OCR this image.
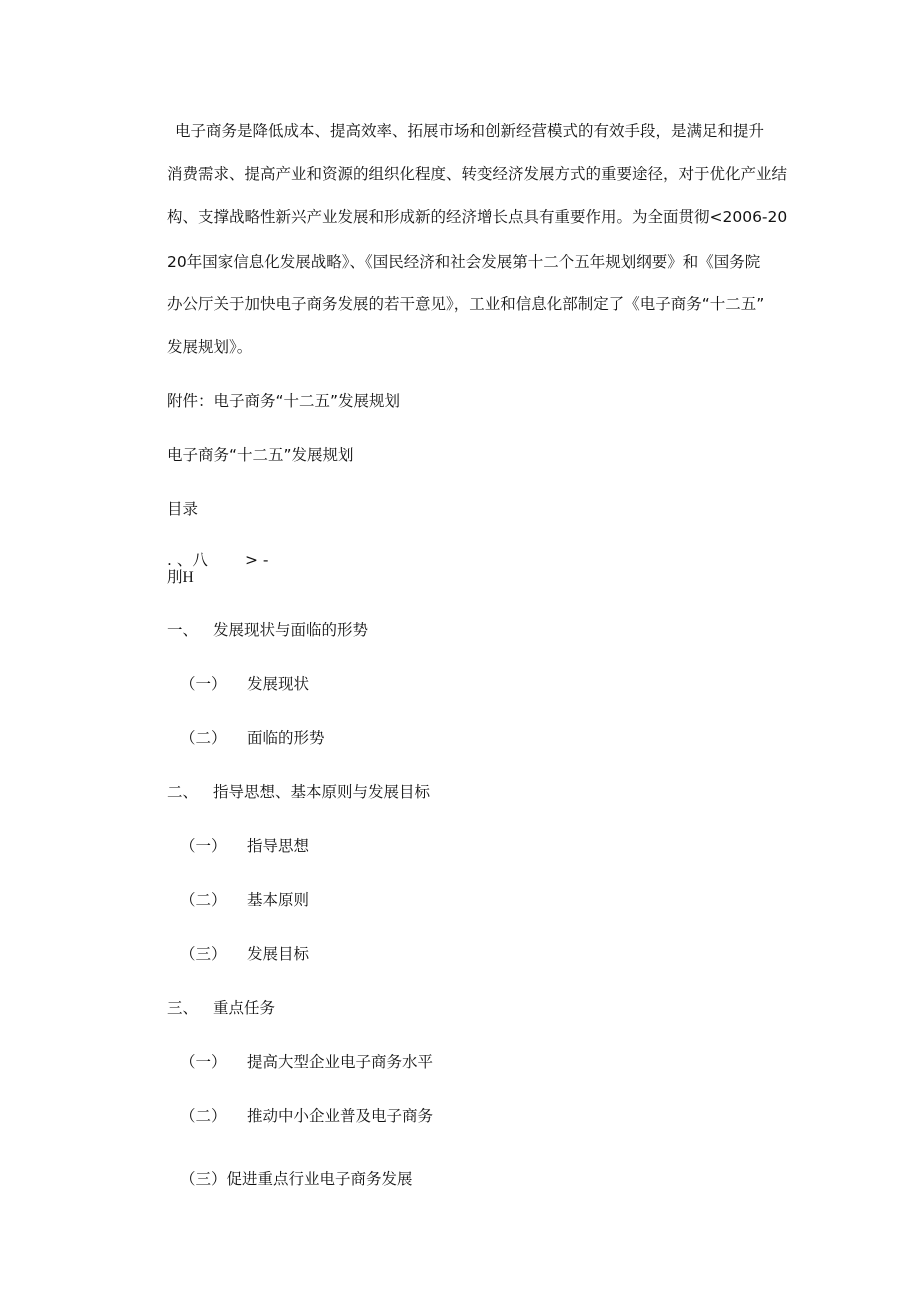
电子商务是降低成本、提高效率、拓展市场和创新经营模式的有效手段，是满足和提升
消费需求、提高产业和资源的组织化程度、转变经济发展方式的重要途径，对于优化产业结
构、支撑战略性新兴产业发展和形成新的经济增长点具有重要作用。为全面贯彻<2006-20
20年国家信息化发展战略》、《国民经济和社会发展第十二个五年规划纲要》和《国务院
办公厅关于加快电子商务发展的若干意见》，工业和信息化部制定了《电子商务“十二五”
发展规划》。
附件：电子商务“十二五”发展规划
电子商务“十二五”发展规划
目录
. 、八 > -
刖H
一、 发展现状与面临的形势
（一） 发展现状
（二） 面临的形势
二、 指导思想、基本原则与发展目标
（一） 指导思想
（二） 基本原则
（三） 发展目标
三、 重点任务
（一） 提高大型企业电子商务水平
（二） 推动中小企业普及电子商务
（三）促进重点行业电子商务发展
